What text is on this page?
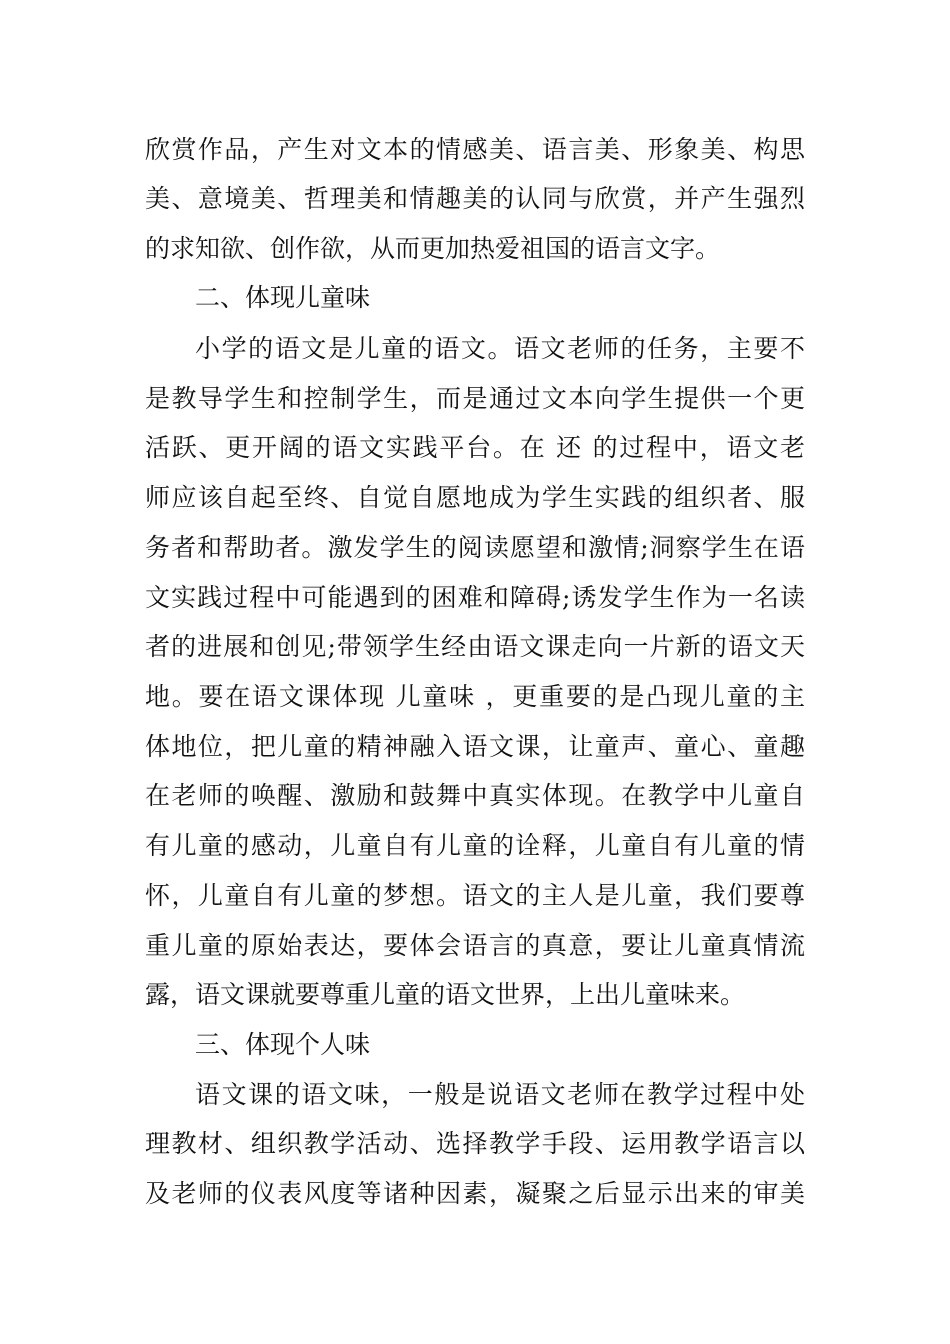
欣赏作品，产生对文本的情感美、语言美、形象美、构思
美、意境美、哲理美和情趣美的认同与欣赏，并产生强烈
的求知欲、创作欲，从而更加热爱祖国的语言文字。
二、体现儿童味
小学的语文是儿童的语文。语文老师的任务，主要不
是教导学生和控制学生，而是通过文本向学生提供一个更
活跃、更开阔的语文实践平台。在 还 的过程中，语文老
师应该自起至终、自觉自愿地成为学生实践的组织者、服
务者和帮助者。激发学生的阅读愿望和激情;洞察学生在语
文实践过程中可能遇到的困难和障碍;诱发学生作为一名读
者的进展和创见;带领学生经由语文课走向一片新的语文天
地。要在语文课体现 儿童味 ，更重要的是凸现儿童的主
体地位，把儿童的精神融入语文课，让童声、童心、童趣
在老师的唤醒、激励和鼓舞中真实体现。在教学中儿童自
有儿童的感动，儿童自有儿童的诠释，儿童自有儿童的情
怀，儿童自有儿童的梦想。语文的主人是儿童，我们要尊
重儿童的原始表达，要体会语言的真意，要让儿童真情流
露，语文课就要尊重儿童的语文世界，上出儿童味来。
三、体现个人味
语文课的语文味，一般是说语文老师在教学过程中处
理教材、组织教学活动、选择教学手段、运用教学语言以
及老师的仪表风度等诸种因素，凝聚之后显示出来的审美
